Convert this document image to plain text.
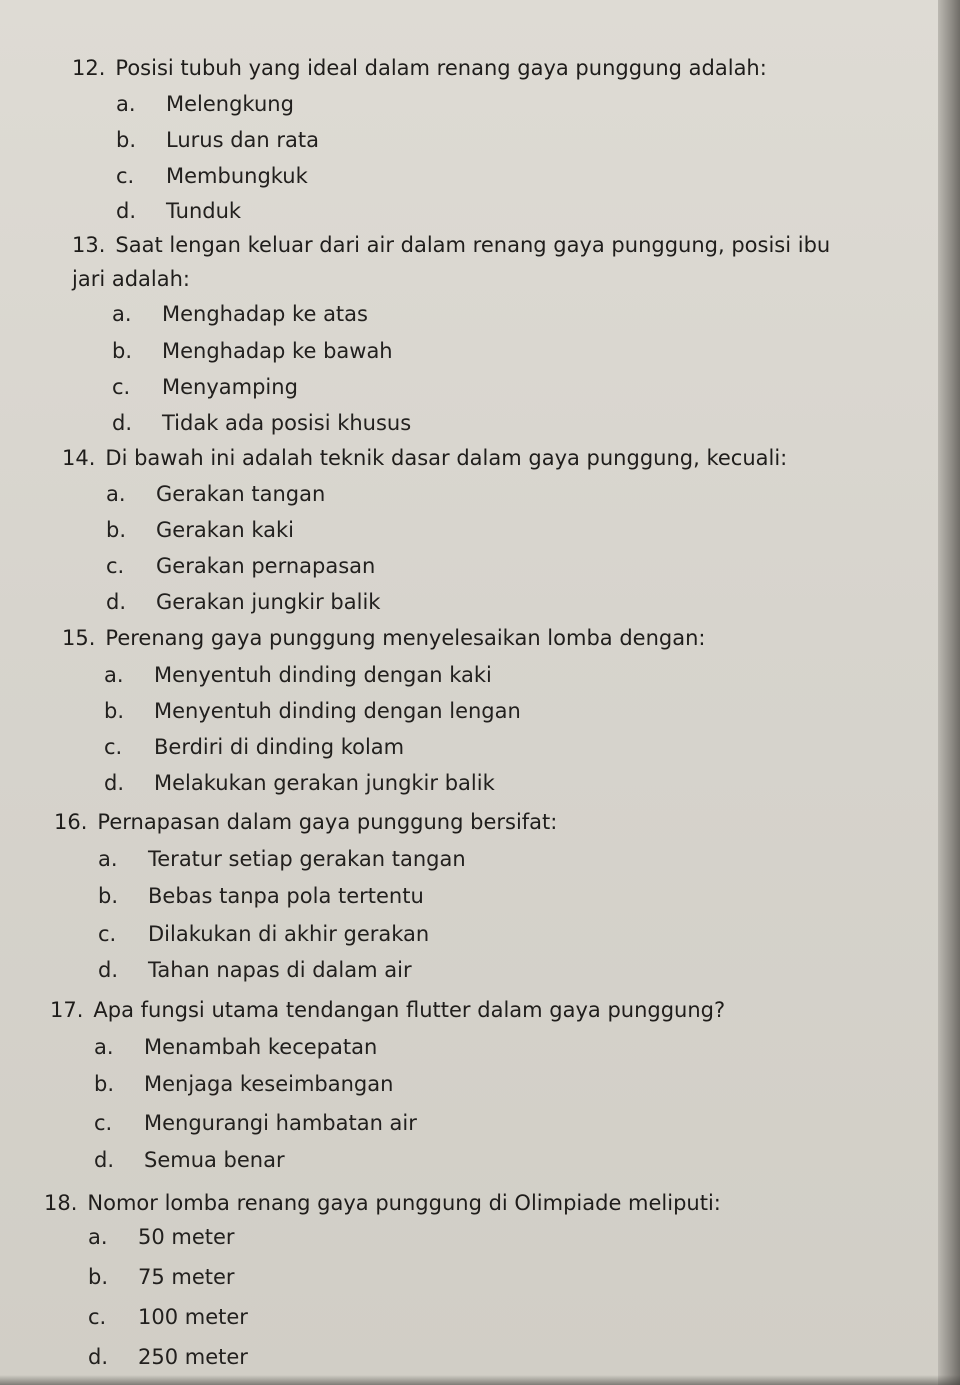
12. Posisi tubuh yang ideal dalam renang gaya punggung adalah:
a. Melengkung
b. Lurus dan rata
c. Membungkuk
d. Tunduk
13. Saat lengan keluar dari air dalam renang gaya punggung, posisi ibu jari adalah:
a. Menghadap ke atas
b. Menghadap ke bawah
c. Menyamping
d. Tidak ada posisi khusus
14. Di bawah ini adalah teknik dasar dalam gaya punggung, kecuali:
a. Gerakan tangan
b. Gerakan kaki
c. Gerakan pernapasan
d. Gerakan jungkir balik
15. Perenang gaya punggung menyelesaikan lomba dengan:
a. Menyentuh dinding dengan kaki
b. Menyentuh dinding dengan lengan
c. Berdiri di dinding kolam
d. Melakukan gerakan jungkir balik
16. Pernapasan dalam gaya punggung bersifat:
a. Teratur setiap gerakan tangan
b. Bebas tanpa pola tertentu
c. Dilakukan di akhir gerakan
d. Tahan napas di dalam air
17. Apa fungsi utama tendangan flutter dalam gaya punggung?
a. Menambah kecepatan
b. Menjaga keseimbangan
c. Mengurangi hambatan air
d. Semua benar
18. Nomor lomba renang gaya punggung di Olimpiade meliputi:
a. 50 meter
b. 75 meter
c. 100 meter
d. 250 meter
